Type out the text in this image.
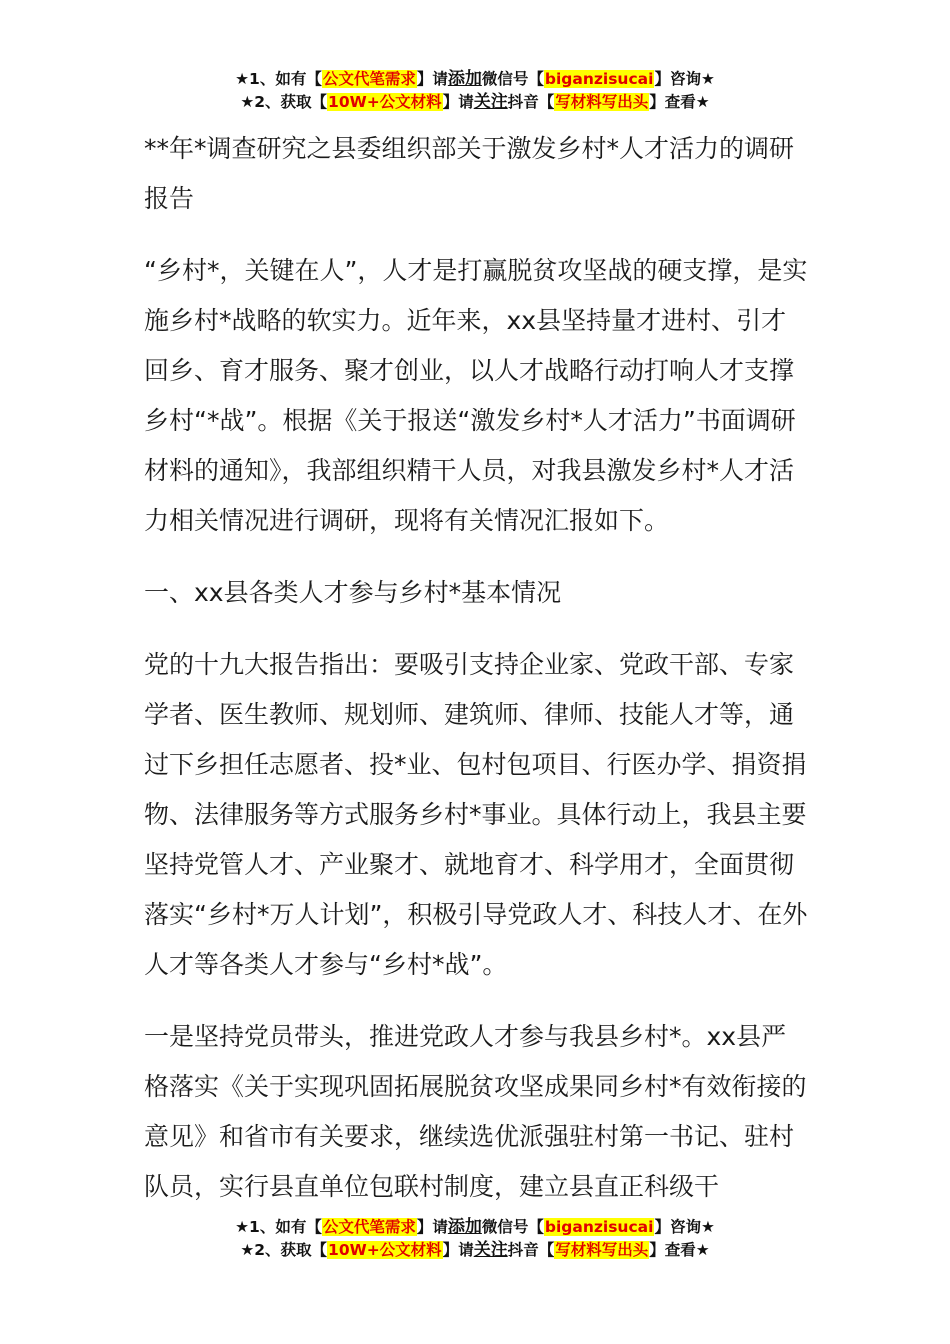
★1、如有【公文代笔需求】请添加微信号【biganzisucai】咨询★
★2、获取【10W+公文材料】请关注抖音【写材料写出头】查看★

**年*调查研究之县委组织部关于激发乡村*人才活力的调研报告

“乡村*，关键在人”，人才是打赢脱贫攻坚战的硬支撑，是实施乡村*战略的软实力。近年来，xx县坚持量才进村、引才回乡、育才服务、聚才创业，以人才战略行动打响人才支撑乡村“*战”。根据《关于报送“激发乡村*人才活力”书面调研材料的通知》，我部组织精干人员，对我县激发乡村*人才活力相关情况进行调研，现将有关情况汇报如下。

一、xx县各类人才参与乡村*基本情况

党的十九大报告指出：要吸引支持企业家、党政干部、专家学者、医生教师、规划师、建筑师、律师、技能人才等，通过下乡担任志愿者、投*业、包村包项目、行医办学、捐资捐物、法律服务等方式服务乡村*事业。具体行动上，我县主要坚持党管人才、产业聚才、就地育才、科学用才，全面贯彻落实“乡村*万人计划”，积极引导党政人才、科技人才、在外人才等各类人才参与“乡村*战”。

一是坚持党员带头，推进党政人才参与我县乡村*。xx县严格落实《关于实现巩固拓展脱贫攻坚成果同乡村*有效衔接的意见》和省市有关要求，继续选优派强驻村第一书记、驻村队员，实行县直单位包联村制度，建立县直正科级干

★1、如有【公文代笔需求】请添加微信号【biganzisucai】咨询★
★2、获取【10W+公文材料】请关注抖音【写材料写出头】查看★
